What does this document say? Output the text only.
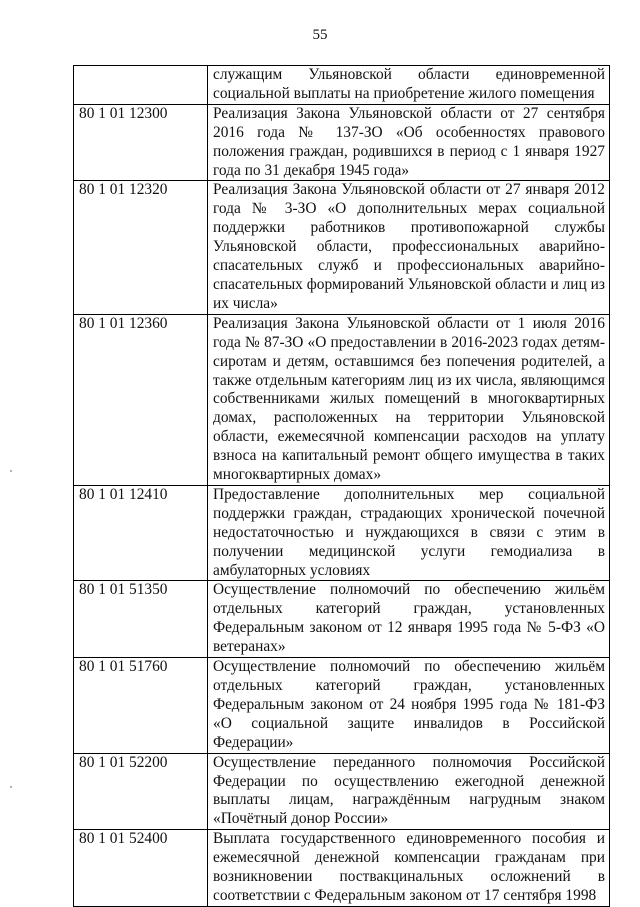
55
	служащим Ульяновской области единовременной социальной выплаты на приобретение жилого помещения
80 1 01 12300	Реализация Закона Ульяновской области от 27 сентября 2016 года № 137-ЗО «Об особенностях правового положения граждан, родившихся в период с 1 января 1927 года по 31 декабря 1945 года»
80 1 01 12320	Реализация Закона Ульяновской области от 27 января 2012 года № 3-ЗО «О дополнительных мерах социальной поддержки работников противопожарной службы Ульяновской области, профессиональных аварийно-спасательных служб и профессиональных аварийно-спасательных формирований Ульяновской области и лиц из их числа»
80 1 01 12360	Реализация Закона Ульяновской области от 1 июля 2016 года № 87-ЗО «О предоставлении в 2016-2023 годах детям-сиротам и детям, оставшимся без попечения родителей, а также отдельным категориям лиц из их числа, являющимся собственниками жилых помещений в многоквартирных домах, расположенных на территории Ульяновской области, ежемесячной компенсации расходов на уплату взноса на капитальный ремонт общего имущества в таких многоквартирных домах»
80 1 01 12410	Предоставление дополнительных мер социальной поддержки граждан, страдающих хронической почечной недостаточностью и нуждающихся в связи с этим в получении медицинской услуги гемодиализа в амбулаторных условиях
80 1 01 51350	Осуществление полномочий по обеспечению жильём отдельных категорий граждан, установленных Федеральным законом от 12 января 1995 года № 5-ФЗ «О ветеранах»
80 1 01 51760	Осуществление полномочий по обеспечению жильём отдельных категорий граждан, установленных Федеральным законом от 24 ноября 1995 года № 181-ФЗ «О социальной защите инвалидов в Российской Федерации»
80 1 01 52200	Осуществление переданного полномочия Российской Федерации по осуществлению ежегодной денежной выплаты лицам, награждённым нагрудным знаком «Почётный донор России»
80 1 01 52400	Выплата государственного единовременного пособия и ежемесячной денежной компенсации гражданам при возникновении поствакцинальных осложнений в соответствии с Федеральным законом от 17 сентября 1998
